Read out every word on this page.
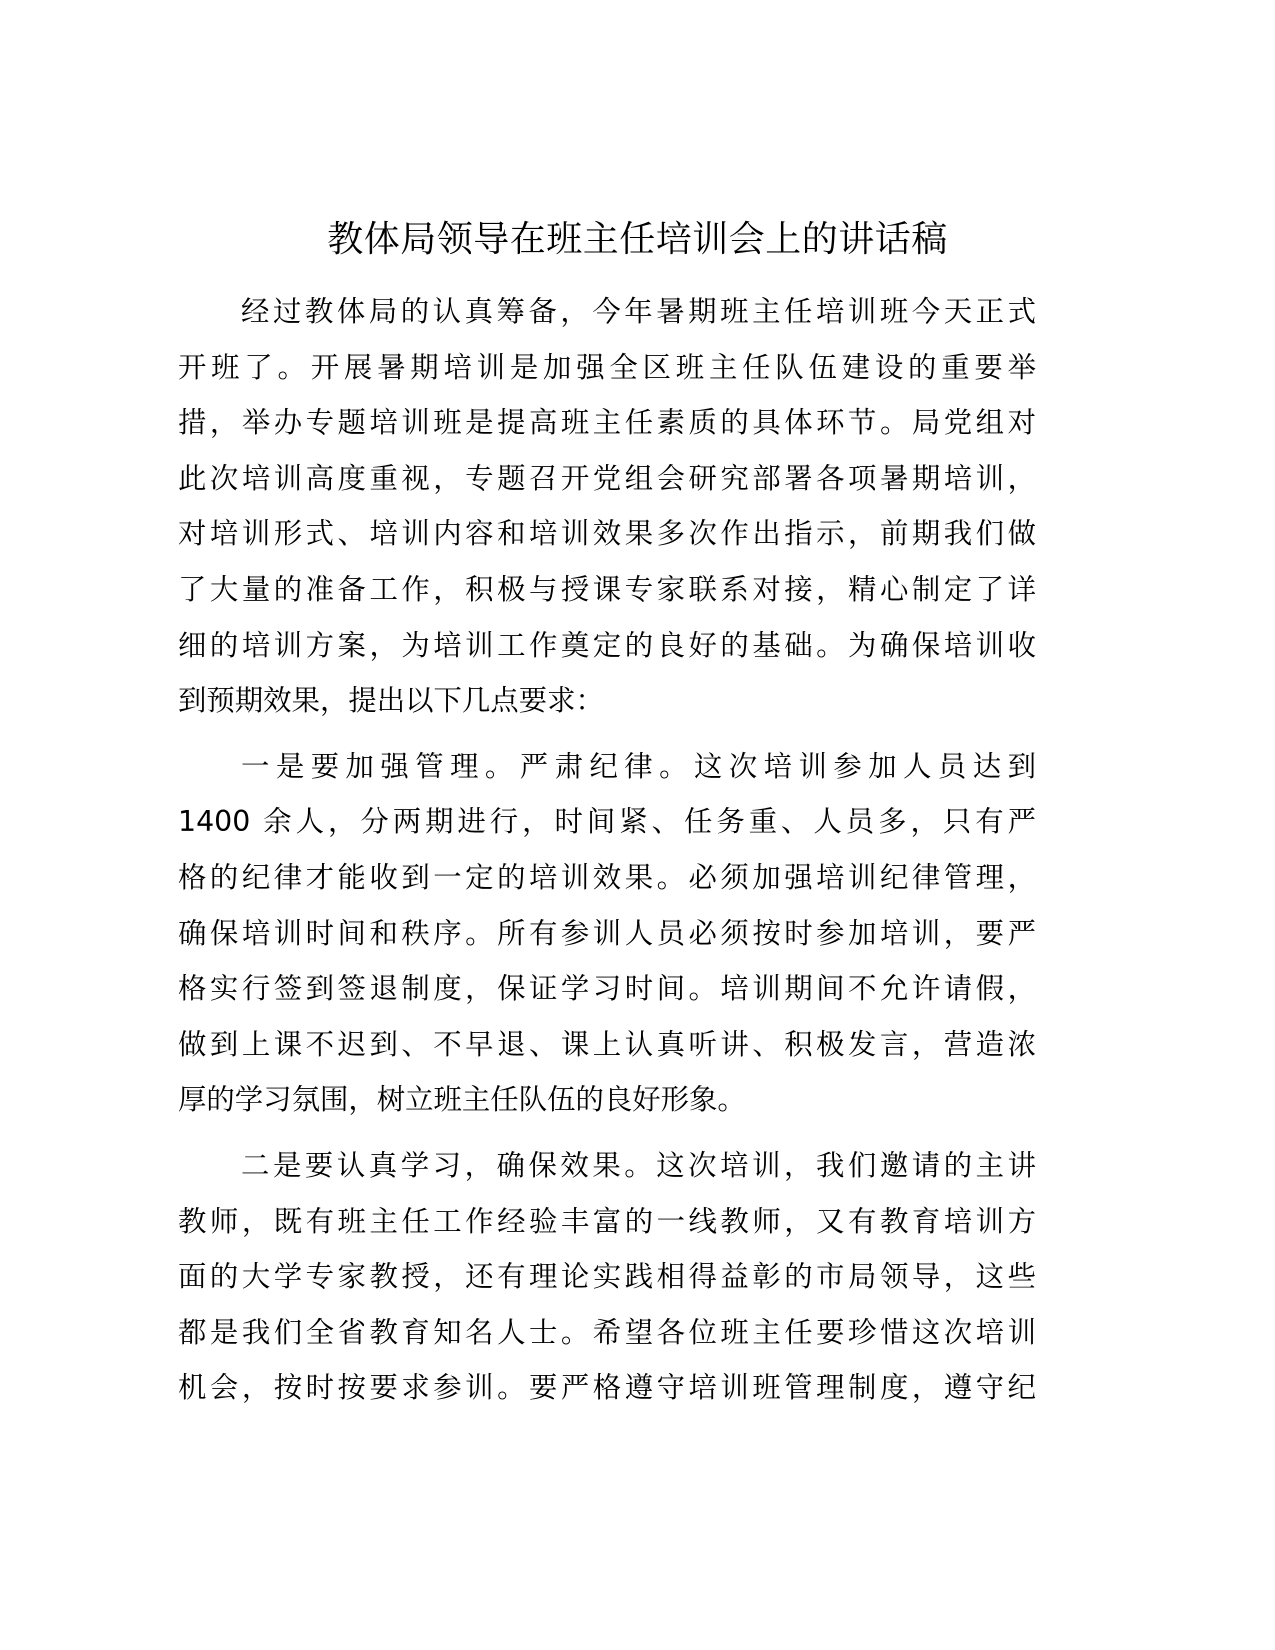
教体局领导在班主任培训会上的讲话稿
经过教体局的认真筹备，今年暑期班主任培训班今天正式
开班了。开展暑期培训是加强全区班主任队伍建设的重要举
措，举办专题培训班是提高班主任素质的具体环节。局党组对
此次培训高度重视，专题召开党组会研究部署各项暑期培训，
对培训形式、培训内容和培训效果多次作出指示，前期我们做
了大量的准备工作，积极与授课专家联系对接，精心制定了详
细的培训方案，为培训工作奠定的良好的基础。为确保培训收
到预期效果，提出以下几点要求：
一是要加强管理。严肃纪律。这次培训参加人员达到
1400 余人，分两期进行，时间紧、任务重、人员多，只有严
格的纪律才能收到一定的培训效果。必须加强培训纪律管理，
确保培训时间和秩序。所有参训人员必须按时参加培训，要严
格实行签到签退制度，保证学习时间。培训期间不允许请假，
做到上课不迟到、不早退、课上认真听讲、积极发言，营造浓
厚的学习氛围，树立班主任队伍的良好形象。
二是要认真学习，确保效果。这次培训，我们邀请的主讲
教师，既有班主任工作经验丰富的一线教师，又有教育培训方
面的大学专家教授，还有理论实践相得益彰的市局领导，这些
都是我们全省教育知名人士。希望各位班主任要珍惜这次培训
机会，按时按要求参训。要严格遵守培训班管理制度，遵守纪
